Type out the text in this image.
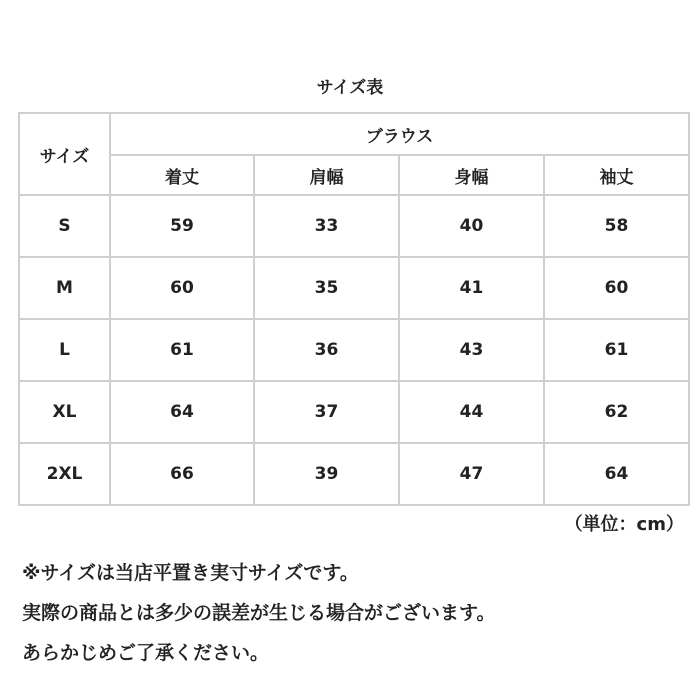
サイズ表
サイズ	ブラウス			
	着丈	肩幅	身幅	袖丈
S	59	33	40	58
M	60	35	41	60
L	61	36	43	61
XL	64	37	44	62
2XL	66	39	47	64
（単位：cm）
※サイズは当店平置き実寸サイズです。
実際の商品とは多少の誤差が生じる場合がございます。
あらかじめご了承ください。
